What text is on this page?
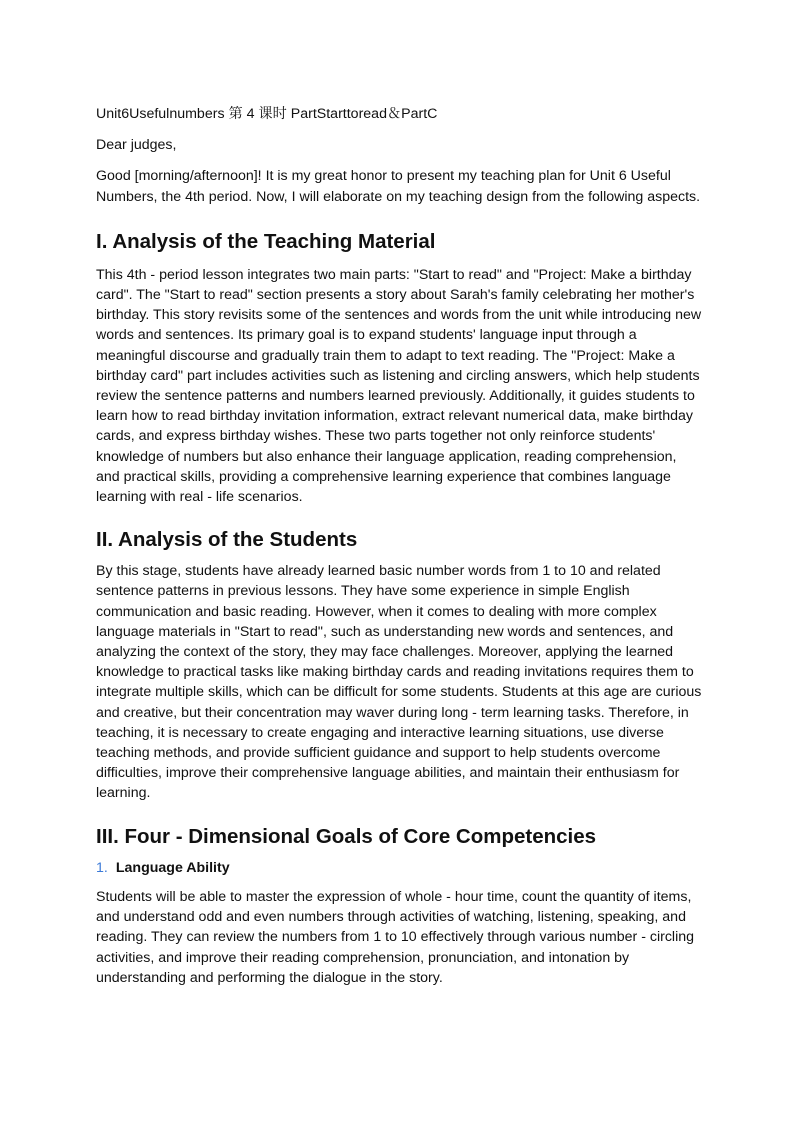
Unit6Usefulnumbers 第 4 课时 PartStarttoread＆PartC

Dear judges,

Good [morning/afternoon]! It is my great honor to present my teaching plan for Unit 6 Useful Numbers, the 4th period. Now, I will elaborate on my teaching design from the following aspects.

I. Analysis of the Teaching Material

This 4th - period lesson integrates two main parts: "Start to read" and "Project: Make a birthday card". The "Start to read" section presents a story about Sarah's family celebrating her mother's birthday. This story revisits some of the sentences and words from the unit while introducing new words and sentences. Its primary goal is to expand students' language input through a meaningful discourse and gradually train them to adapt to text reading. The "Project: Make a birthday card" part includes activities such as listening and circling answers, which help students review the sentence patterns and numbers learned previously. Additionally, it guides students to learn how to read birthday invitation information, extract relevant numerical data, make birthday cards, and express birthday wishes. These two parts together not only reinforce students' knowledge of numbers but also enhance their language application, reading comprehension, and practical skills, providing a comprehensive learning experience that combines language learning with real - life scenarios.

II. Analysis of the Students

By this stage, students have already learned basic number words from 1 to 10 and related sentence patterns in previous lessons. They have some experience in simple English communication and basic reading. However, when it comes to dealing with more complex language materials in "Start to read", such as understanding new words and sentences, and analyzing the context of the story, they may face challenges. Moreover, applying the learned knowledge to practical tasks like making birthday cards and reading invitations requires them to integrate multiple skills, which can be difficult for some students. Students at this age are curious and creative, but their concentration may waver during long - term learning tasks. Therefore, in teaching, it is necessary to create engaging and interactive learning situations, use diverse teaching methods, and provide sufficient guidance and support to help students overcome difficulties, improve their comprehensive language abilities, and maintain their enthusiasm for learning.

III. Four - Dimensional Goals of Core Competencies
1. Language Ability

Students will be able to master the expression of whole - hour time, count the quantity of items, and understand odd and even numbers through activities of watching, listening, speaking, and reading. They can review the numbers from 1 to 10 effectively through various number - circling activities, and improve their reading comprehension, pronunciation, and intonation by understanding and performing the dialogue in the story.
